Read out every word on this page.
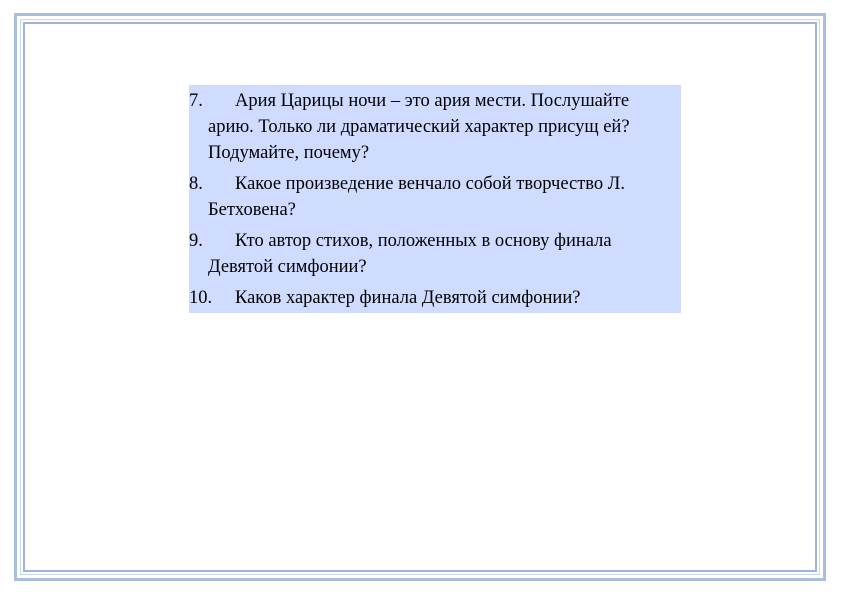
7. Ария Царицы ночи – это ария мести. Послушайте арию. Только ли драматический характер присущ ей? Подумайте, почему?
8. Какое произведение венчало собой творчество Л. Бетховена?
9. Кто автор стихов, положенных в основу финала Девятой симфонии?
10. Каков характер финала Девятой симфонии?
